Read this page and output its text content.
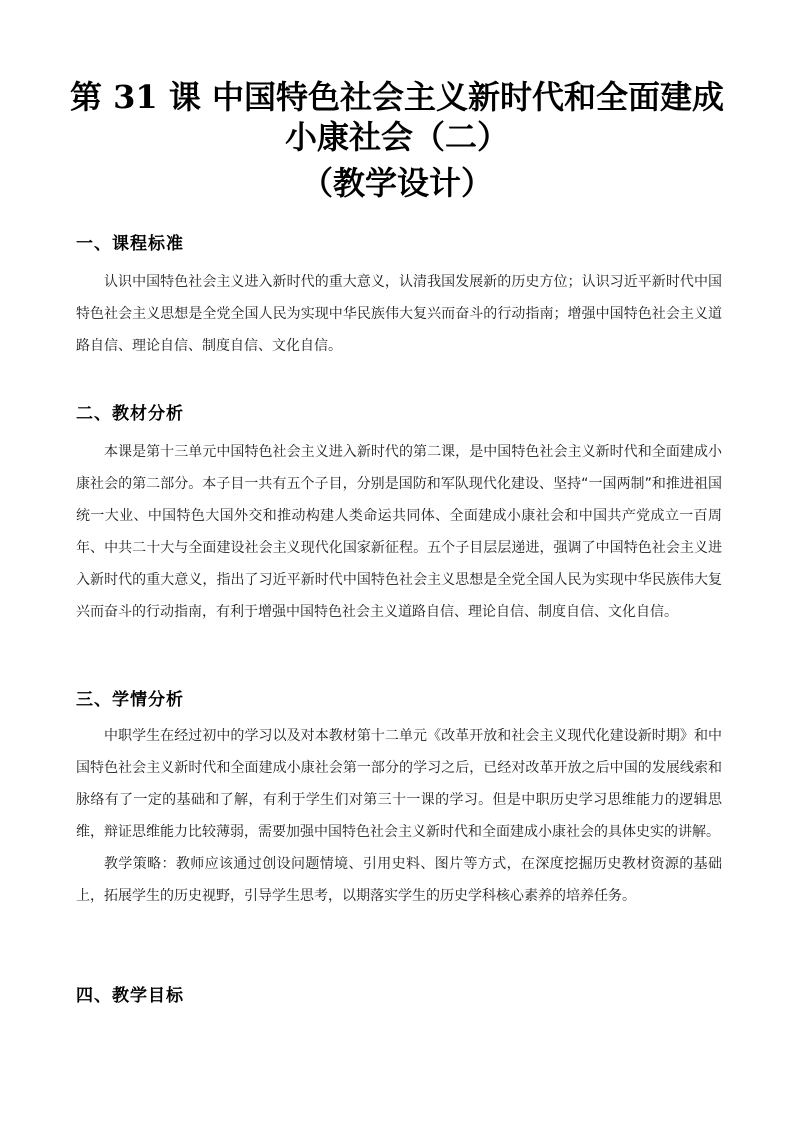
第 31 课 中国特色社会主义新时代和全面建成
小康社会（二）
（教学设计）
一、课程标准

认识中国特色社会主义进入新时代的重大意义，认清我国发展新的历史方位；认识习近平新时代中国特色社会主义思想是全党全国人民为实现中华民族伟大复兴而奋斗的行动指南；增强中国特色社会主义道路自信、理论自信、制度自信、文化自信。

二、教材分析

本课是第十三单元中国特色社会主义进入新时代的第二课，是中国特色社会主义新时代和全面建成小康社会的第二部分。本子目一共有五个子目，分别是国防和军队现代化建设、坚持“一国两制”和推进祖国统一大业、中国特色大国外交和推动构建人类命运共同体、全面建成小康社会和中国共产党成立一百周年、中共二十大与全面建设社会主义现代化国家新征程。五个子目层层递进，强调了中国特色社会主义进入新时代的重大意义，指出了习近平新时代中国特色社会主义思想是全党全国人民为实现中华民族伟大复兴而奋斗的行动指南，有利于增强中国特色社会主义道路自信、理论自信、制度自信、文化自信。

三、学情分析

中职学生在经过初中的学习以及对本教材第十二单元《改革开放和社会主义现代化建设新时期》和中国特色社会主义新时代和全面建成小康社会第一部分的学习之后，已经对改革开放之后中国的发展线索和脉络有了一定的基础和了解，有利于学生们对第三十一课的学习。但是中职历史学习思维能力的逻辑思维，辩证思维能力比较薄弱，需要加强中国特色社会主义新时代和全面建成小康社会的具体史实的讲解。

教学策略：教师应该通过创设问题情境、引用史料、图片等方式，在深度挖掘历史教材资源的基础上，拓展学生的历史视野，引导学生思考，以期落实学生的历史学科核心素养的培养任务。

四、教学目标
